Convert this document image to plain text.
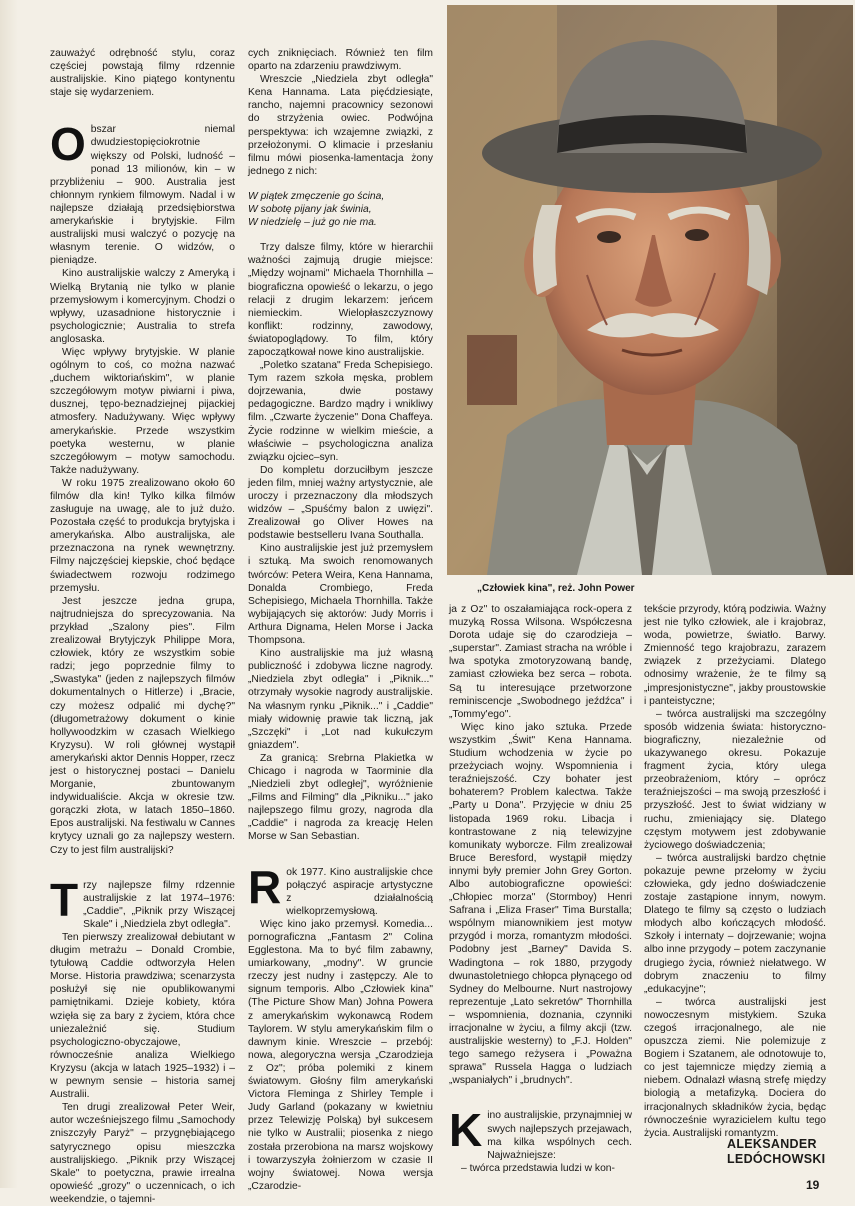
zauważyć odrębność stylu, coraz częściej powstają filmy rdzennie australijskie. Kino piątego kontynentu staje się wydarzeniem.

O bszar niemal dwudziestopięciokrotnie większy od Polski, ludność – ponad 13 milionów, kin – w przybliżeniu – 900. Australia jest chłonnym rynkiem filmowym. Nadal i w najlepsze działają przedsiębiorstwa amerykańskie i brytyjskie. Film australijski musi walczyć o pozycję na własnym terenie. O widzów, o pieniądze.

Kino australijskie walczy z Ameryką i Wielką Brytanią nie tylko w planie przemysłowym i komercyjnym. Chodzi o wpływy, uzasadnione historycznie i psychologicznie; Australia to strefa anglosaska.

Więc wpływy brytyjskie. W planie ogólnym to coś, co można nazwać „duchem wiktoriańskim", w planie szczegółowym motyw piwiarni i piwa, dusznej, tępo-beznadziejnej pijackiej atmosfery. Nadużywany. Więc wpływy amerykańskie. Przede wszystkim poetyka westernu, w planie szczegółowym – motyw samochodu. Także nadużywany.

W roku 1975 zrealizowano około 60 filmów dla kin! Tylko kilka filmów zasługuje na uwagę, ale to już dużo. Pozostała część to produkcja brytyjska i amerykańska. Albo australijska, ale przeznaczona na rynek wewnętrzny. Filmy najczęściej kiepskie, choć będące świadectwem rozwoju rodzimego przemysłu.

Jest jeszcze jedna grupa, najtrudniejsza do sprecyzowania. Na przykład „Szalony pies". Film zrealizował Brytyjczyk Philippe Mora, człowiek, który ze wszystkim sobie radzi; jego poprzednie filmy to „Swastyka" (jeden z najlepszych filmów dokumentalnych o Hitlerze) i „Bracie, czy możesz odpalić mi dychę?" (długometrażowy dokument o kinie hollywoodzkim w czasach Wielkiego Kryzysu). W roli głównej wystąpił amerykański aktor Dennis Hopper, rzecz jest o historycznej postaci – Danielu Morganie, zbuntowanym indywidualiście. Akcja w okresie tzw. gorączki złota, w latach 1850–1860. Epos australijski. Na festiwalu w Cannes krytycy uznali go za najlepszy western. Czy to jest film australijski?

T rzy najlepsze filmy rdzennie australijskie z lat 1974–1976: „Caddie", „Piknik przy Wiszącej Skale" i „Niedziela zbyt odległa".

Ten pierwszy zrealizował debiutant w długim metrażu – Donald Crombie, tytułową Caddie odtworzyła Helen Morse. Historia prawdziwa; scenarzysta posłużył się nie opublikowanymi pamiętnikami. Dzieje kobiety, która wzięła się za bary z życiem, która chce uniezależnić się. Studium psychologiczno-obyczajowe, równocześnie analiza Wielkiego Kryzysu (akcja w latach 1925–1932) i – w pewnym sensie – historia samej Australii.

Ten drugi zrealizował Peter Weir, autor wcześniejszego filmu „Samochody zniszczyły Paryż" – przygnębiającego satyrycznego opisu mieszczka australijskiego. „Piknik przy Wiszącej Skale" to poetyczna, prawie irrealna opowieść „grozy" o uczennicach, o ich weekendzie, o tajemni-

cych zniknięciach. Również ten film oparto na zdarzeniu prawdziwym.

Wreszcie „Niedziela zbyt odległa" Kena Hannama. Lata pięćdziesiąte, rancho, najemni pracownicy sezonowi do strzyżenia owiec. Podwójna perspektywa: ich wzajemne związki, z przełożonymi. O klimacie i przesłaniu filmu mówi piosenka-lamentacja żony jednego z nich:

W piątek zmęczenie go ścina,
W sobotę pijany jak świnia,
W niedzielę – już go nie ma.

Trzy dalsze filmy, które w hierarchii ważności zajmują drugie miejsce: „Między wojnami" Michaela Thornhilla – biograficzna opowieść o lekarzu, o jego relacji z drugim lekarzem: jeńcem niemieckim. Wielopłaszczyznowy konflikt: rodzinny, zawodowy, światopoglądowy. To film, który zapoczątkował nowe kino australijskie.

„Poletko szatana" Freda Schepisiego. Tym razem szkoła męska, problem dojrzewania, dwie postawy pedagogiczne. Bardzo mądry i wnikliwy film. „Czwarte życzenie" Dona Chaffeya. Życie rodzinne w wielkim mieście, a właściwie – psychologiczna analiza związku ojciec–syn.

Do kompletu dorzuciłbym jeszcze jeden film, mniej ważny artystycznie, ale uroczy i przeznaczony dla młodszych widzów – „Spuśćmy balon z uwięzi". Zrealizował go Oliver Howes na podstawie bestselleru Ivana Southalla.

Kino australijskie jest już przemysłem i sztuką. Ma swoich renomowanych twórców: Petera Weira, Kena Hannama, Donalda Crombiego, Freda Schepisiego, Michaela Thornhilla. Także wybijających się aktorów: Judy Morris i Arthura Dignama, Helen Morse i Jacka Thompsona.

Kino australijskie ma już własną publiczność i zdobywa liczne nagrody. „Niedziela zbyt odległa" i „Piknik..." otrzymały wysokie nagrody australijskie. Na własnym rynku „Piknik..." i „Caddie" miały widownię prawie tak liczną, jak „Szczęki" i „Lot nad kukułczym gniazdem".

Za granicą: Srebrna Plakietka w Chicago i nagroda w Taorminie dla „Niedzieli zbyt odległej", wyróżnienie „Films and Filming" dla „Pikniku..." jako najlepszego filmu grozy, nagroda dla „Caddie" i nagroda za kreację Helen Morse w San Sebastian.

R ok 1977. Kino australijskie chce połączyć aspiracje artystyczne z działalnością wielkoprzemysłową.

Więc kino jako przemysł. Komedia... pornograficzna „Fantasm 2" Colina Egglestona. Ma to być film zabawny, umiarkowany, „modny". W gruncie rzeczy jest nudny i zastępczy. Ale to signum temporis. Albo „Człowiek kina" (The Picture Show Man) Johna Powera z amerykańskim wykonawcą Rodem Taylorem. W stylu amerykańskim film o dawnym kinie. Wreszcie – przebój: nowa, alegoryczna wersja „Czarodzieja z Oz"; próba polemiki z kinem światowym. Głośny film amerykański Victora Fleminga z Shirley Temple i Judy Garland (pokazany w kwietniu przez Telewizję Polską) był sukcesem nie tylko w Australii; piosenka z niego została przerobiona na marsz wojskowy i towarzyszyła żołnierzom w czasie II wojny światowej. Nowa wersja „Czarodzie-

„Człowiek kina", reż. John Power

ja z Oz" to oszałamiająca rock-opera z muzyką Rossa Wilsona. Współczesna Dorota udaje się do czarodzieja – „superstar". Zamiast stracha na wróble i lwa spotyka zmotoryzowaną bandę, zamiast człowieka bez serca – robota. Są tu interesujące przetworzone reminiscencje „Swobodnego jeźdźca" i „Tommy'ego".

Więc kino jako sztuka. Przede wszystkim „Świt" Kena Hannama. Studium wchodzenia w życie po przeżyciach wojny. Wspomnienia i teraźniejszość. Czy bohater jest bohaterem? Problem kalectwa. Także „Party u Dona". Przyjęcie w dniu 25 listopada 1969 roku. Libacja i kontrastowane z nią telewizyjne komunikaty wyborcze. Film zrealizował Bruce Beresford, wystąpił między innymi były premier John Grey Gorton. Albo autobiograficzne opowieści: „Chłopiec morza" (Stormboy) Henri Safrana i „Eliza Fraser" Tima Burstalla; wspólnym mianownikiem jest motyw przygód i morza, romantyzm młodości. Podobny jest „Barney" Davida S. Wadingtona – rok 1880, przygody dwunastoletniego chłopca płynącego od Sydney do Melbourne. Nurt nastrojowy reprezentuje „Lato sekretów" Thornhilla – wspomnienia, doznania, czynniki irracjonalne w życiu, a filmy akcji (tzw. australijskie westerny) to „F.J. Holden" tego samego reżysera i „Poważna sprawa" Russela Hagga o ludziach „wspaniałych" i „brudnych".

K ino australijskie, przynajmniej w swych najlepszych przejawach, ma kilka wspólnych cech. Najważniejsze:

– twórca przedstawia ludzi w kon-

tekście przyrody, którą podziwia. Ważny jest nie tylko człowiek, ale i krajobraz, woda, powietrze, światło. Barwy. Zmienność tego krajobrazu, zarazem związek z przeżyciami. Dlatego odnosimy wrażenie, że te filmy są „impresjonistyczne", jakby proustowskie i panteistyczne;

– twórca australijski ma szczególny sposób widzenia świata: historyczno-biograficzny, niezależnie od ukazywanego okresu. Pokazuje fragment życia, który ulega przeobrażeniom, który – oprócz teraźniejszości – ma swoją przeszłość i przyszłość. Jest to świat widziany w ruchu, zmieniający się. Dlatego częstym motywem jest zdobywanie życiowego doświadczenia;

– twórca australijski bardzo chętnie pokazuje pewne przełomy w życiu człowieka, gdy jedno doświadczenie zostaje zastąpione innym, nowym. Dlatego te filmy są często o ludziach młodych albo kończących młodość. Szkoły i internaty – dojrzewanie; wojna albo inne przygody – potem zaczynanie drugiego życia, również niełatwego. W dobrym znaczeniu to filmy „edukacyjne";

– twórca australijski jest nowoczesnym mistykiem. Szuka czegoś irracjonalnego, ale nie opuszcza ziemi. Nie polemizuje z Bogiem i Szatanem, ale odnotowuje to, co jest tajemnicze między ziemią a niebem. Odnalazł własną strefę między biologią a metafizyką. Dociera do irracjonalnych składników życia, będąc równocześnie wyrazicielem kultu tego życia. Australijski romantyzm.

ALEKSANDER
LEDÓCHOWSKI
19
